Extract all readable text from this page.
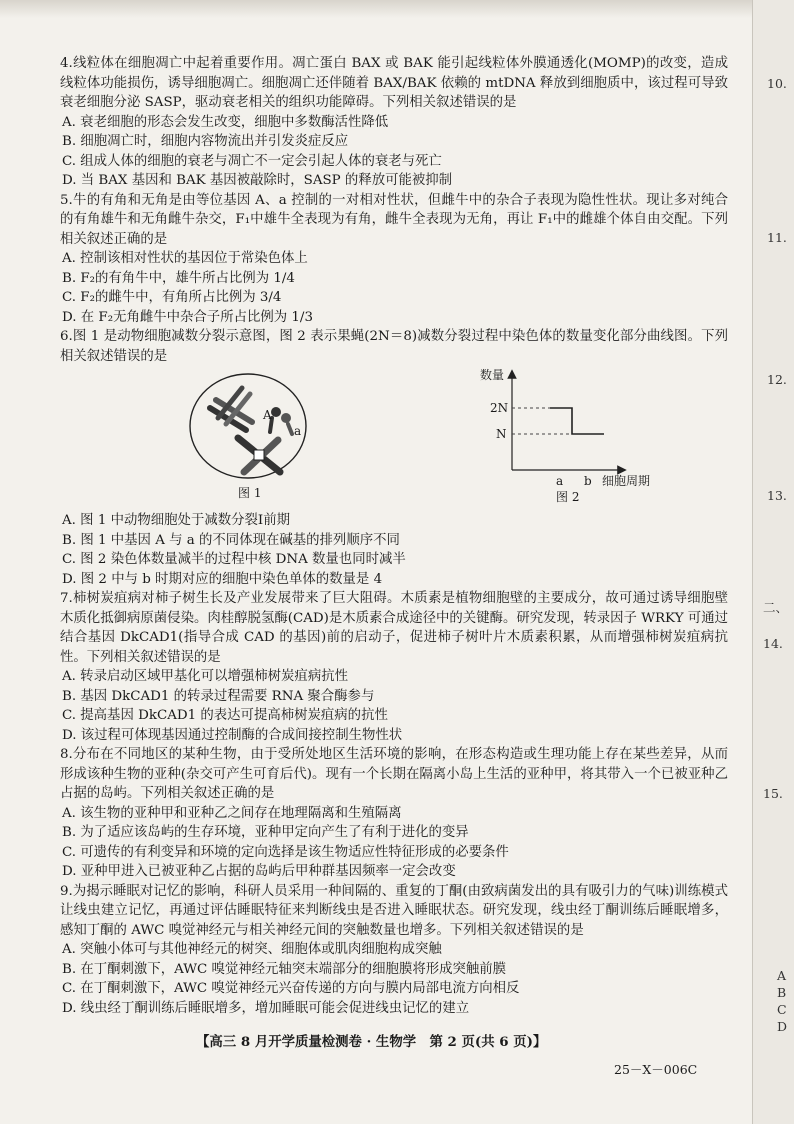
4.线粒体在细胞凋亡中起着重要作用。凋亡蛋白 BAX 或 BAK 能引起线粒体外膜通透化(MOMP)的改变，造成线粒体功能损伤，诱导细胞凋亡。细胞凋亡还伴随着 BAX/BAK 依赖的 mtDNA 释放到细胞质中，该过程可导致衰老细胞分泌 SASP，驱动衰老相关的组织功能障碍。下列相关叙述错误的是

A. 衰老细胞的形态会发生改变，细胞中多数酶活性降低

B. 细胞凋亡时，细胞内容物流出并引发炎症反应

C. 组成人体的细胞的衰老与凋亡不一定会引起人体的衰老与死亡

D. 当 BAX 基因和 BAK 基因被敲除时，SASP 的释放可能被抑制

5.牛的有角和无角是由等位基因 A、a 控制的一对相对性状，但雌牛中的杂合子表现为隐性性状。现让多对纯合的有角雄牛和无角雌牛杂交，F₁中雄牛全表现为有角，雌牛全表现为无角，再让 F₁中的雌雄个体自由交配。下列相关叙述正确的是

A. 控制该相对性状的基因位于常染色体上

B. F₂的有角牛中，雄牛所占比例为 1/4

C. F₂的雌牛中，有角所占比例为 3/4

D. 在 F₂无角雌牛中杂合子所占比例为 1/3

6.图 1 是动物细胞减数分裂示意图，图 2 表示果蝇(2N＝8)减数分裂过程中染色体的数量变化部分曲线图。下列相关叙述错误的是

A
a
图 1
数量
2N
N
a b 细胞周期
图 2

A. 图 1 中动物细胞处于减数分裂Ⅰ前期

B. 图 1 中基因 A 与 a 的不同体现在碱基的排列顺序不同

C. 图 2 染色体数量减半的过程中核 DNA 数量也同时减半

D. 图 2 中与 b 时期对应的细胞中染色单体的数量是 4

7.柿树炭疽病对柿子树生长及产业发展带来了巨大阻碍。木质素是植物细胞壁的主要成分，故可通过诱导细胞壁木质化抵御病原菌侵染。肉桂醇脱氢酶(CAD)是木质素合成途径中的关键酶。研究发现，转录因子 WRKY 可通过结合基因 DkCAD1(指导合成 CAD 的基因)前的启动子，促进柿子树叶片木质素积累，从而增强柿树炭疽病抗性。下列相关叙述错误的是

A. 转录启动区域甲基化可以增强柿树炭疽病抗性

B. 基因 DkCAD1 的转录过程需要 RNA 聚合酶参与

C. 提高基因 DkCAD1 的表达可提高柿树炭疽病的抗性

D. 该过程可体现基因通过控制酶的合成间接控制生物性状

8.分布在不同地区的某种生物，由于受所处地区生活环境的影响，在形态构造或生理功能上存在某些差异，从而形成该种生物的亚种(杂交可产生可育后代)。现有一个长期在隔离小岛上生活的亚种甲，将其带入一个已被亚种乙占据的岛屿。下列相关叙述正确的是

A. 该生物的亚种甲和亚种乙之间存在地理隔离和生殖隔离

B. 为了适应该岛屿的生存环境，亚种甲定向产生了有利于进化的变异

C. 可遗传的有利变异和环境的定向选择是该生物适应性特征形成的必要条件

D. 亚种甲进入已被亚种乙占据的岛屿后甲种群基因频率一定会改变

9.为揭示睡眠对记忆的影响，科研人员采用一种间隔的、重复的丁酮(由致病菌发出的具有吸引力的气味)训练模式让线虫建立记忆，再通过评估睡眠特征来判断线虫是否进入睡眠状态。研究发现，线虫经丁酮训练后睡眠增多，感知丁酮的 AWC 嗅觉神经元与相关神经元间的突触数量也增多。下列相关叙述错误的是

A. 突触小体可与其他神经元的树突、细胞体或肌肉细胞构成突触

B. 在丁酮刺激下，AWC 嗅觉神经元轴突末端部分的细胞膜将形成突触前膜

C. 在丁酮刺激下，AWC 嗅觉神经元兴奋传递的方向与膜内局部电流方向相反

D. 线虫经丁酮训练后睡眠增多，增加睡眠可能会促进线虫记忆的建立

【高三 8 月开学质量检测卷 · 生物学　第 2 页(共 6 页)】
25－X－006C
10.
11.
12.
13.
二、
14.
15.
A
B
C
D
